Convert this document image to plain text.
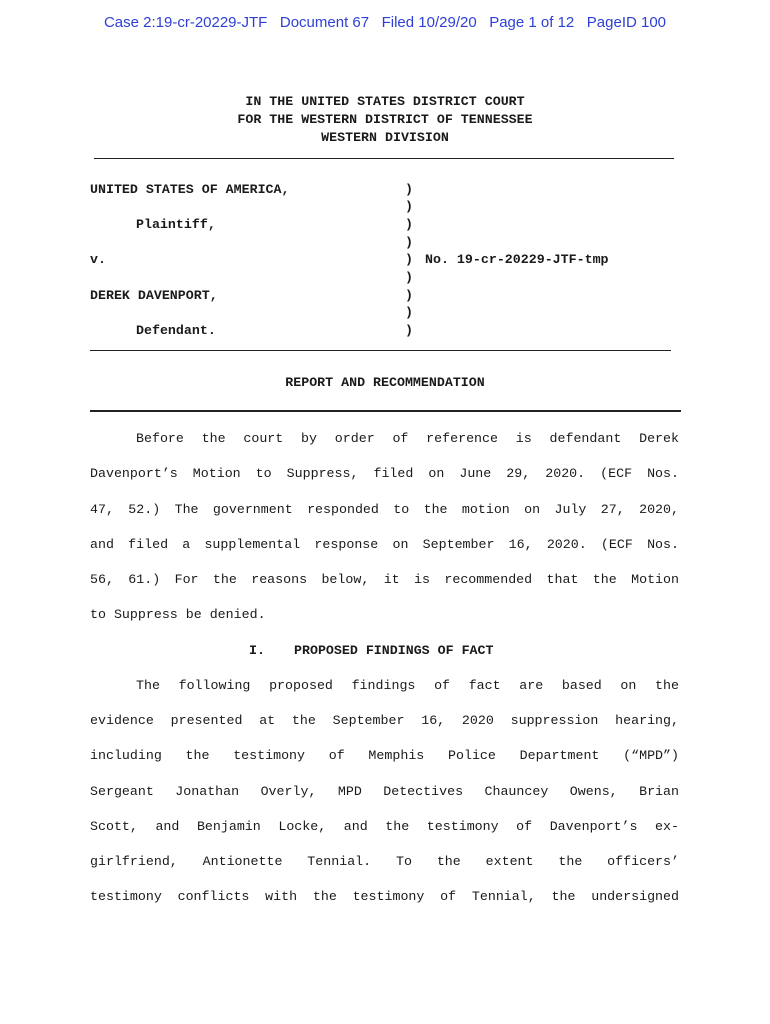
Case 2:19-cr-20229-JTF Document 67 Filed 10/29/20 Page 1 of 12 PageID 100
IN THE UNITED STATES DISTRICT COURT
FOR THE WESTERN DISTRICT OF TENNESSEE
WESTERN DIVISION
UNITED STATES OF AMERICA,
Plaintiff,
v.
DEREK DAVENPORT,
Defendant.
)
)
)
)
)
)
)
)
)
No. 19-cr-20229-JTF-tmp
REPORT AND RECOMMENDATION
Before the court by order of reference is defendant Derek
Davenport’s Motion to Suppress, filed on June 29, 2020. (ECF Nos.
47, 52.) The government responded to the motion on July 27, 2020,
and filed a supplemental response on September 16, 2020. (ECF Nos.
56, 61.) For the reasons below, it is recommended that the Motion
to Suppress be denied.
I. PROPOSED FINDINGS OF FACT
The following proposed findings of fact are based on the
evidence presented at the September 16, 2020 suppression hearing,
including the testimony of Memphis Police Department (“MPD”)
Sergeant Jonathan Overly, MPD Detectives Chauncey Owens, Brian
Scott, and Benjamin Locke, and the testimony of Davenport’s ex-
girlfriend, Antionette Tennial. To the extent the officers’
testimony conflicts with the testimony of Tennial, the undersigned
